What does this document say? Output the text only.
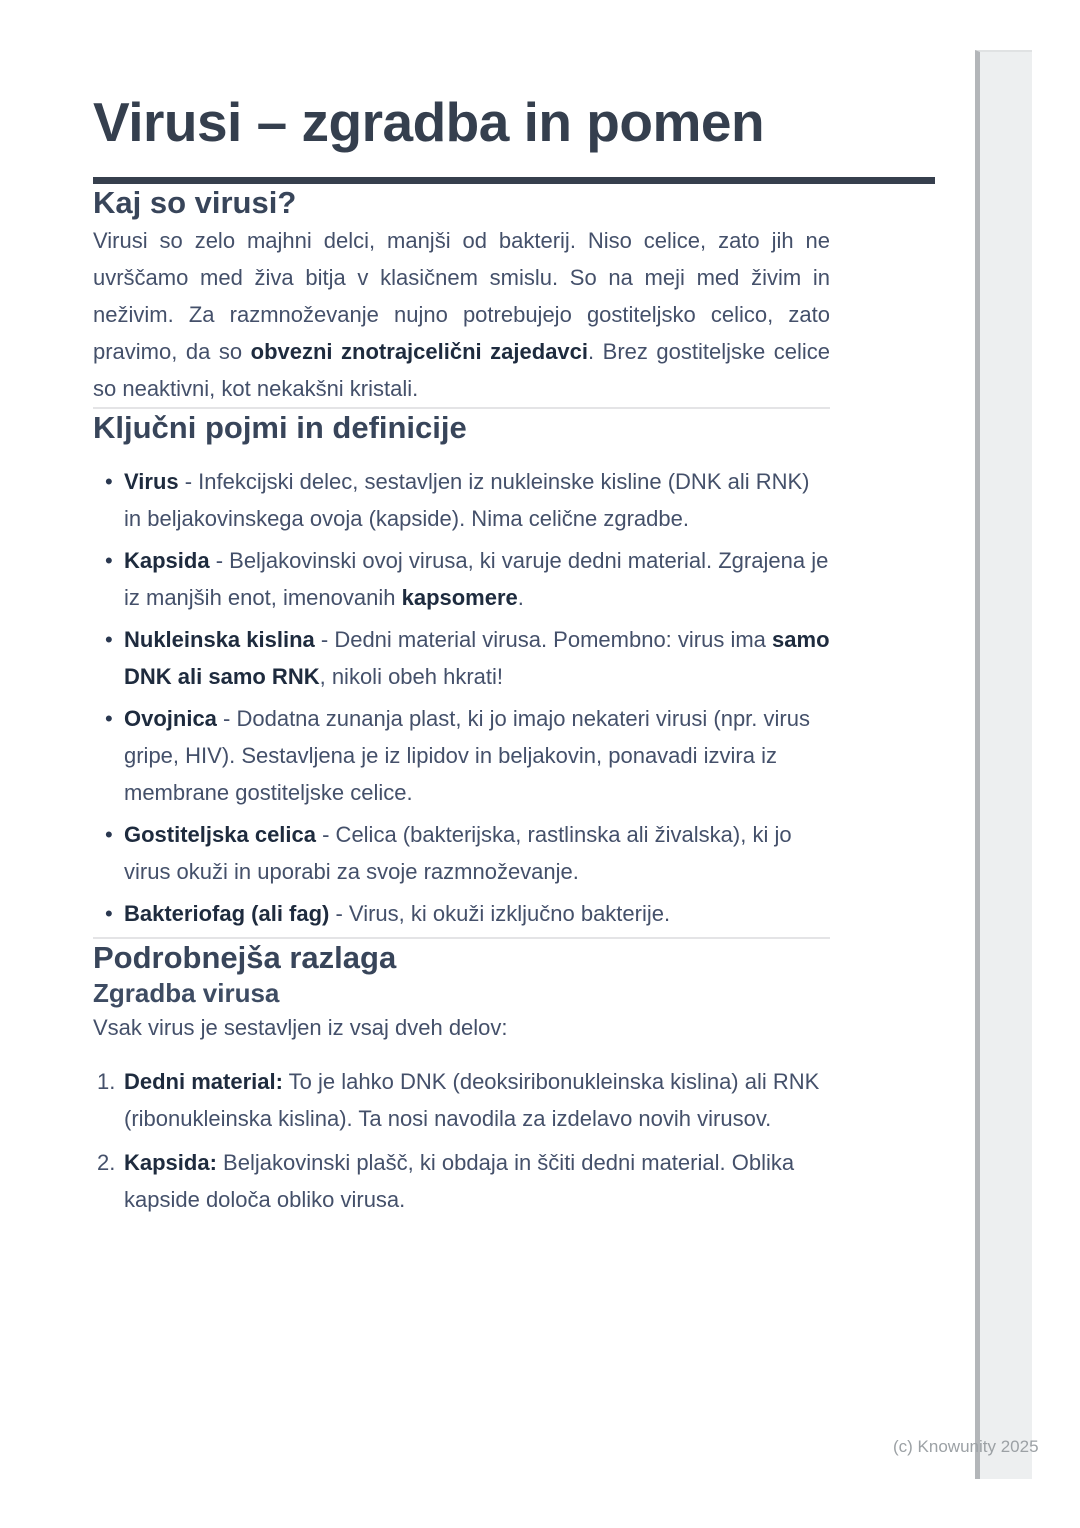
Virusi – zgradba in pomen
Kaj so virusi?

Virusi so zelo majhni delci, manjši od bakterij. Niso celice, zato jih ne uvrščamo med živa bitja v klasičnem smislu. So na meji med živim in neživim. Za razmnoževanje nujno potrebujejo gostiteljsko celico, zato pravimo, da so obvezni znotrajcelični zajedavci. Brez gostiteljske celice so neaktivni, kot nekakšni kristali.

Ključni pojmi in definicije
• Virus - Infekcijski delec, sestavljen iz nukleinske kisline (DNK ali RNK) in beljakovinskega ovoja (kapside). Nima celične zgradbe.
• Kapsida - Beljakovinski ovoj virusa, ki varuje dedni material. Zgrajena je iz manjših enot, imenovanih kapsomere.
• Nukleinska kislina - Dedni material virusa. Pomembno: virus ima samo DNK ali samo RNK, nikoli obeh hkrati!
• Ovojnica - Dodatna zunanja plast, ki jo imajo nekateri virusi (npr. virus gripe, HIV). Sestavljena je iz lipidov in beljakovin, ponavadi izvira iz membrane gostiteljske celice.
• Gostiteljska celica - Celica (bakterijska, rastlinska ali živalska), ki jo virus okuži in uporabi za svoje razmnoževanje.
• Bakteriofag (ali fag) - Virus, ki okuži izključno bakterije.
Podrobnejša razlaga
Zgradba virusa

Vsak virus je sestavljen iz vsaj dveh delov:

Dedni material: To je lahko DNK (deoksiribonukleinska kislina) ali RNK (ribonukleinska kislina). Ta nosi navodila za izdelavo novih virusov.
Kapsida: Beljakovinski plašč, ki obdaja in ščiti dedni material. Oblika kapside določa obliko virusa.
(c) Knowunity 2025
